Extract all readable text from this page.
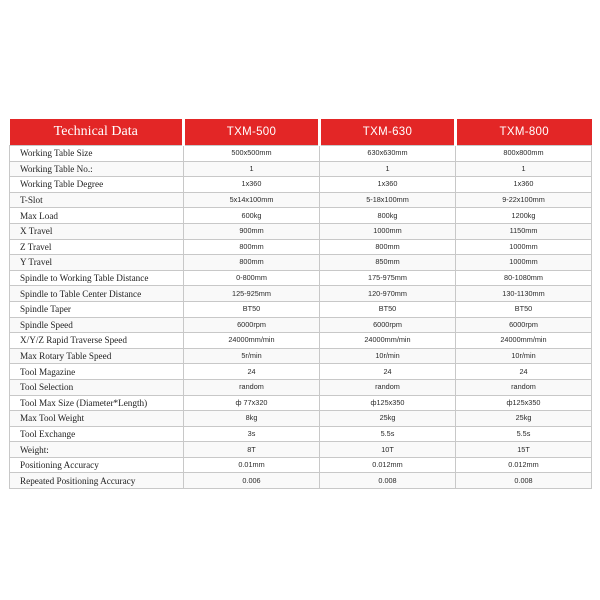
Technical Data	TXM-500	TXM-630	TXM-800
Working Table Size	500x500mm	630x630mm	800x800mm
Working Table No.:	1	1	1
Working Table Degree	1x360	1x360	1x360
T-Slot	5x14x100mm	5-18x100mm	9-22x100mm
Max Load	600kg	800kg	1200kg
X Travel	900mm	1000mm	1150mm
Z Travel	800mm	800mm	1000mm
Y Travel	800mm	850mm	1000mm
Spindle to Working Table Distance	0-800mm	175-975mm	80-1080mm
Spindle to Table Center Distance	125-925mm	120-970mm	130-1130mm
Spindle Taper	BT50	BT50	BT50
Spindle Speed	6000rpm	6000rpm	6000rpm
X/Y/Z Rapid Traverse Speed	24000mm/min	24000mm/min	24000mm/min
Max Rotary Table Speed	5r/min	10r/min	10r/min
Tool Magazine	24	24	24
Tool Selection	random	random	random
Tool Max Size (Diameter*Length)	ф 77x320	ф125x350	ф125x350
Max Tool Weight	8kg	25kg	25kg
Tool Exchange	3s	5.5s	5.5s
Weight:	8T	10T	15T
Positioning Accuracy	0.01mm	0.012mm	0.012mm
Repeated Positioning Accuracy	0.006	0.008	0.008
